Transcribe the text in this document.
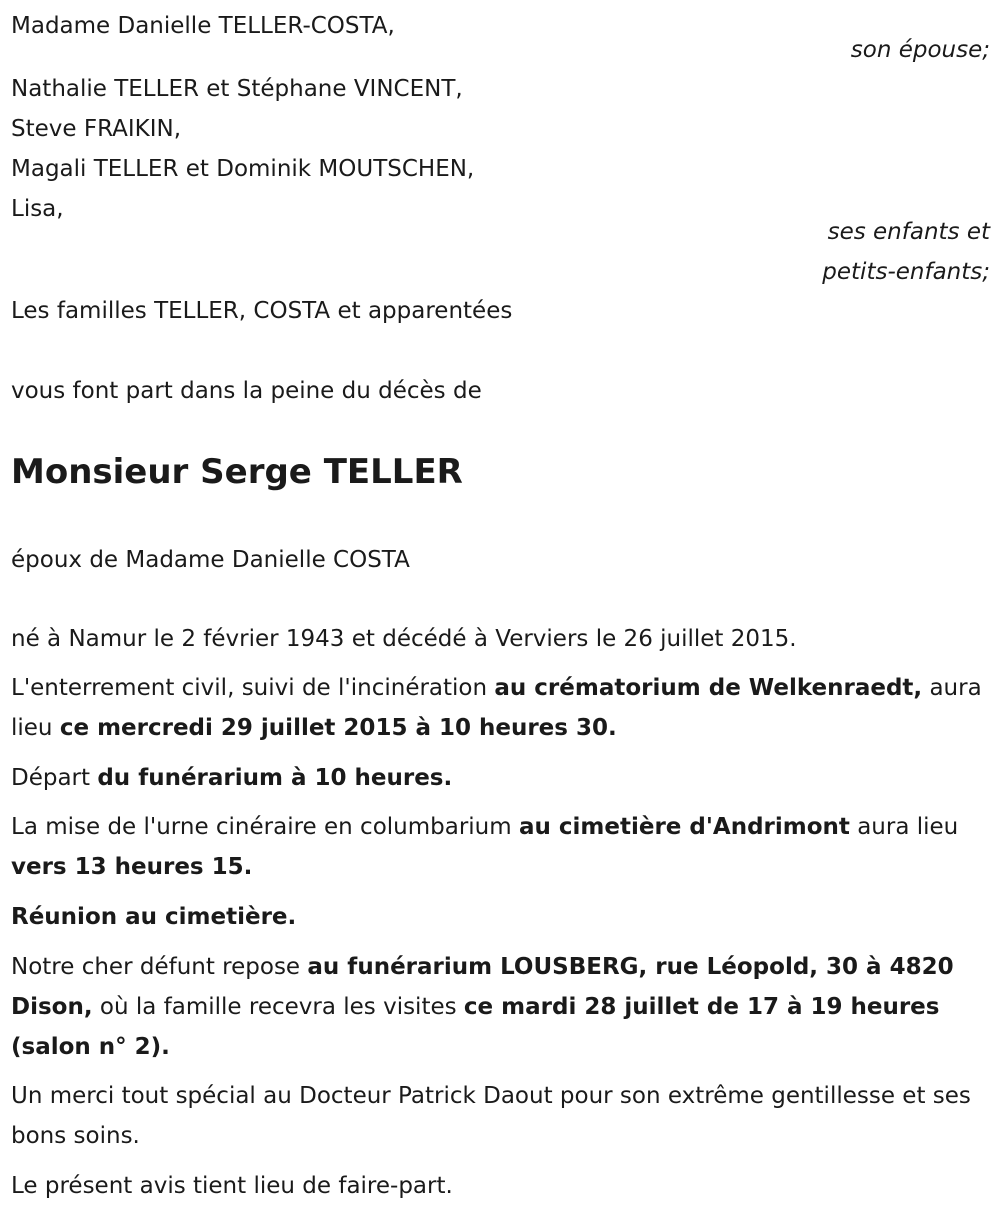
Madame Danielle TELLER-COSTA,
son épouse;
Nathalie TELLER et Stéphane VINCENT,
Steve FRAIKIN,
Magali TELLER et Dominik MOUTSCHEN,
Lisa,
ses enfants et
petits-enfants;
Les familles TELLER, COSTA et apparentées
vous font part dans la peine du décès de
Monsieur Serge TELLER
époux de Madame Danielle COSTA
né à Namur le 2 février 1943 et décédé à Verviers le 26 juillet 2015.
L'enterrement civil, suivi de l'incinération au crématorium de Welkenraedt, aura lieu ce mercredi 29 juillet 2015 à 10 heures 30.
Départ du funérarium à 10 heures.
La mise de l'urne cinéraire en columbarium au cimetière d'Andrimont aura lieu vers 13 heures 15.
Réunion au cimetière.
Notre cher défunt repose au funérarium LOUSBERG, rue Léopold, 30 à 4820 Dison, où la famille recevra les visites ce mardi 28 juillet de 17 à 19 heures (salon n° 2).
Un merci tout spécial au Docteur Patrick Daout pour son extrême gentillesse et ses bons soins.
Le présent avis tient lieu de faire-part.
